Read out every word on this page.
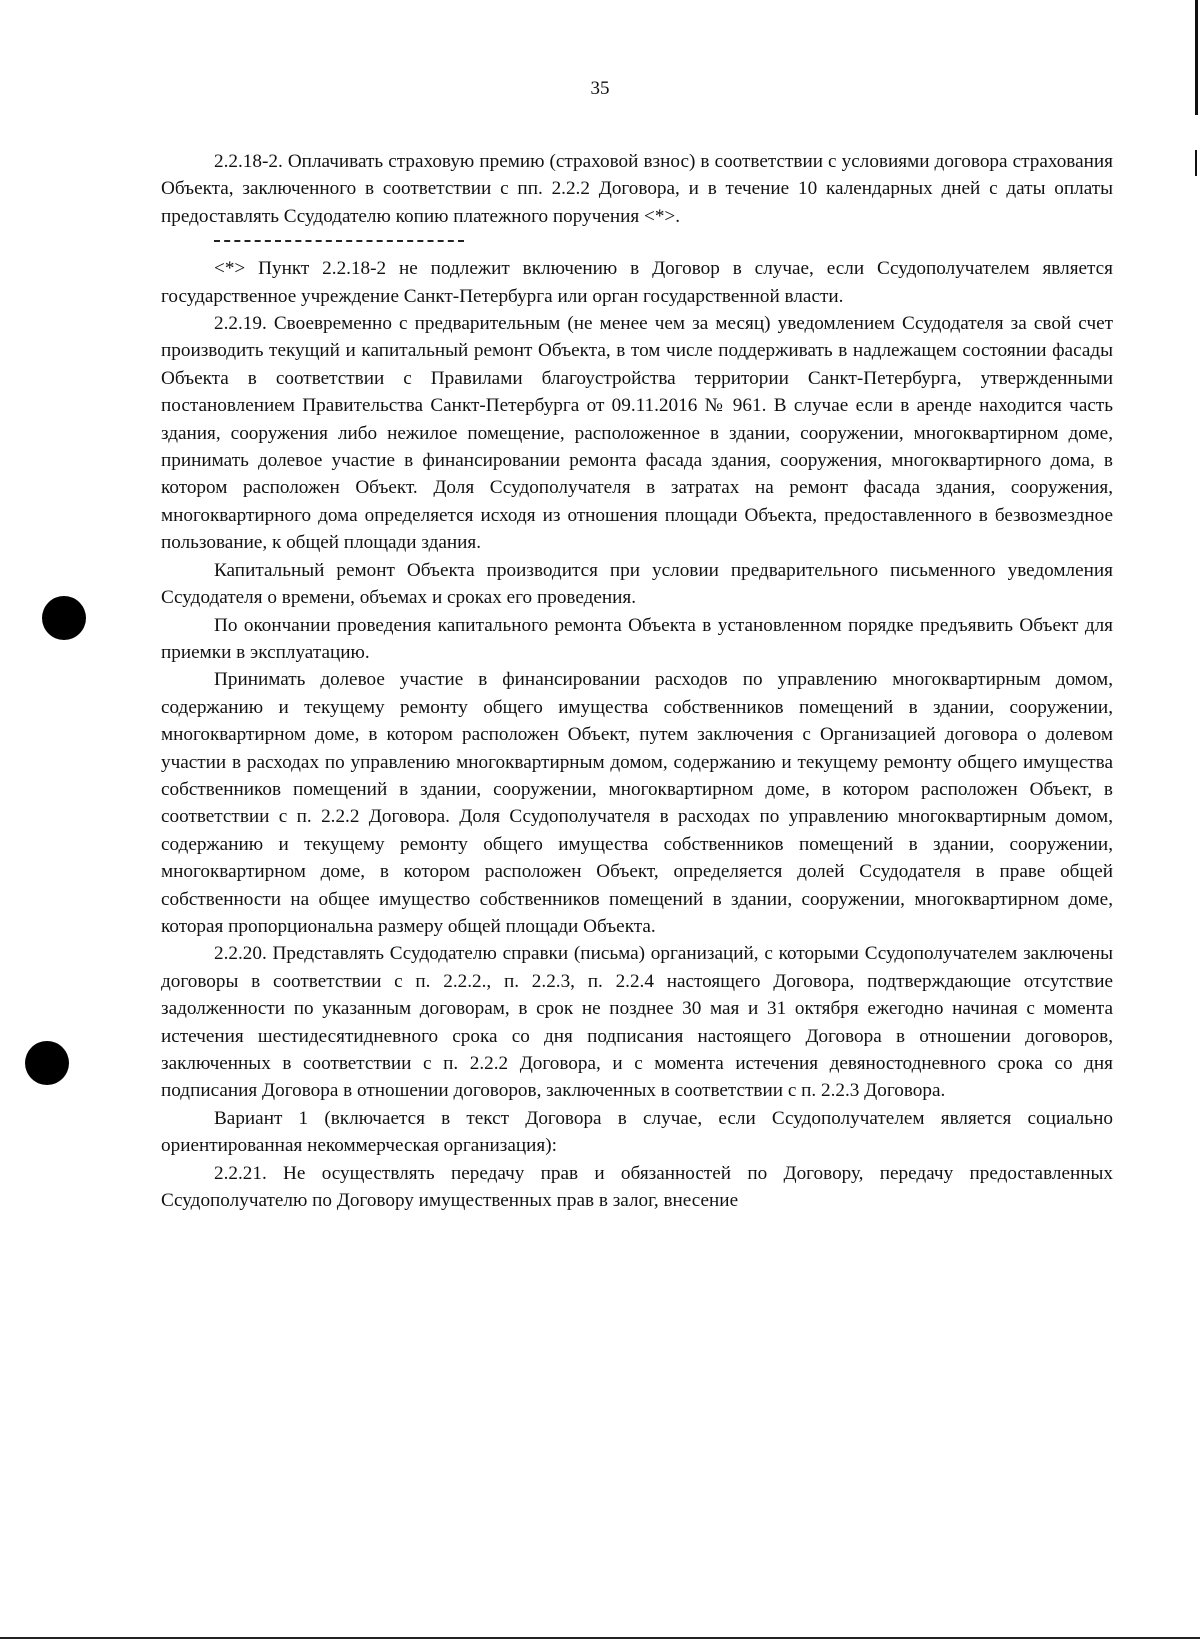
35

2.2.18-2. Оплачивать страховую премию (страховой взнос) в соответствии с условиями договора страхования Объекта, заключенного в соответствии с пп. 2.2.2 Договора, и в течение 10 календарных дней с даты оплаты предоставлять Ссудодателю копию платежного поручения <*>.

<*> Пункт 2.2.18-2 не подлежит включению в Договор в случае, если Ссудополучателем является государственное учреждение Санкт-Петербурга или орган государственной власти.

2.2.19. Своевременно с предварительным (не менее чем за месяц) уведомлением Ссудодателя за свой счет производить текущий и капитальный ремонт Объекта, в том числе поддерживать в надлежащем состоянии фасады Объекта в соответствии с Правилами благоустройства территории Санкт-Петербурга, утвержденными постановлением Правительства Санкт-Петербурга от 09.11.2016 № 961. В случае если в аренде находится часть здания, сооружения либо нежилое помещение, расположенное в здании, сооружении, многоквартирном доме, принимать долевое участие в финансировании ремонта фасада здания, сооружения, многоквартирного дома, в котором расположен Объект. Доля Ссудополучателя в затратах на ремонт фасада здания, сооружения, многоквартирного дома определяется исходя из отношения площади Объекта, предоставленного в безвозмездное пользование, к общей площади здания.

Капитальный ремонт Объекта производится при условии предварительного письменного уведомления Ссудодателя о времени, объемах и сроках его проведения.

По окончании проведения капитального ремонта Объекта в установленном порядке предъявить Объект для приемки в эксплуатацию.

Принимать долевое участие в финансировании расходов по управлению многоквартирным домом, содержанию и текущему ремонту общего имущества собственников помещений в здании, сооружении, многоквартирном доме, в котором расположен Объект, путем заключения с Организацией договора о долевом участии в расходах по управлению многоквартирным домом, содержанию и текущему ремонту общего имущества собственников помещений в здании, сооружении, многоквартирном доме, в котором расположен Объект, в соответствии с п. 2.2.2 Договора. Доля Ссудополучателя в расходах по управлению многоквартирным домом, содержанию и текущему ремонту общего имущества собственников помещений в здании, сооружении, многоквартирном доме, в котором расположен Объект, определяется долей Ссудодателя в праве общей собственности на общее имущество собственников помещений в здании, сооружении, многоквартирном доме, которая пропорциональна размеру общей площади Объекта.

2.2.20. Представлять Ссудодателю справки (письма) организаций, с которыми Ссудополучателем заключены договоры в соответствии с п. 2.2.2., п. 2.2.3, п. 2.2.4 настоящего Договора, подтверждающие отсутствие задолженности по указанным договорам, в срок не позднее 30 мая и 31 октября ежегодно начиная с момента истечения шестидесятидневного срока со дня подписания настоящего Договора в отношении договоров, заключенных в соответствии с п. 2.2.2 Договора, и с момента истечения девяностодневного срока со дня подписания Договора в отношении договоров, заключенных в соответствии с п. 2.2.3 Договора.

Вариант 1 (включается в текст Договора в случае, если Ссудополучателем является социально ориентированная некоммерческая организация):

2.2.21. Не осуществлять передачу прав и обязанностей по Договору, передачу предоставленных Ссудополучателю по Договору имущественных прав в залог, внесение
